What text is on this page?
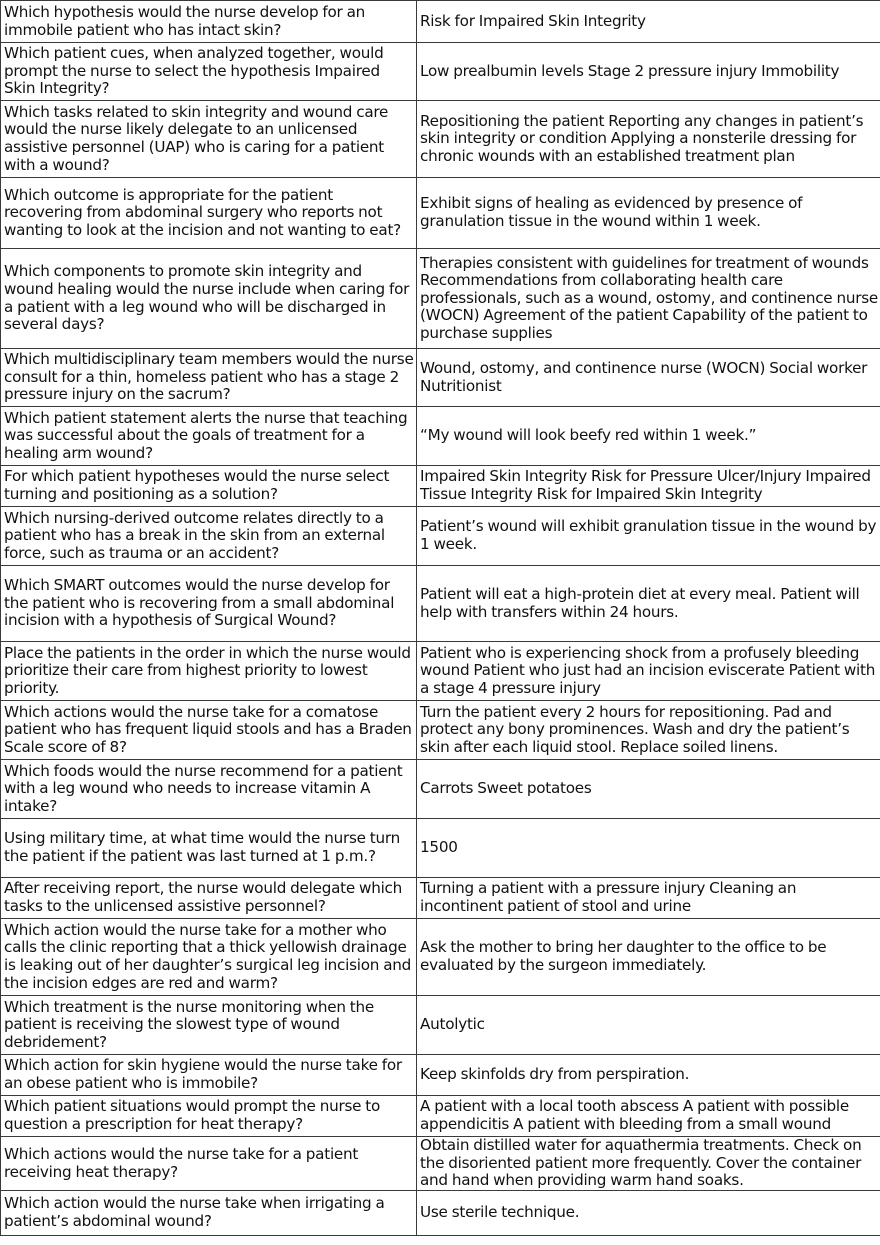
Which hypothesis would the nurse develop for an immobile patient who has intact skin?	Risk for Impaired Skin Integrity
Which patient cues, when analyzed together, would prompt the nurse to select the hypothesis Impaired Skin Integrity?	Low prealbumin levels Stage 2 pressure injury Immobility
Which tasks related to skin integrity and wound care would the nurse likely delegate to an unlicensed assistive personnel (UAP) who is caring for a patient with a wound?	Repositioning the patient Reporting any changes in patient’s skin integrity or condition Applying a nonsterile dressing for chronic wounds with an established treatment plan
Which outcome is appropriate for the patient recovering from abdominal surgery who reports not wanting to look at the incision and not wanting to eat?	Exhibit signs of healing as evidenced by presence of granulation tissue in the wound within 1 week.
Which components to promote skin integrity and wound healing would the nurse include when caring for a patient with a leg wound who will be discharged in several days?	Therapies consistent with guidelines for treatment of wounds Recommendations from collaborating health care professionals, such as a wound, ostomy, and continence nurse (WOCN) Agreement of the patient Capability of the patient to purchase supplies
Which multidisciplinary team members would the nurse consult for a thin, homeless patient who has a stage 2 pressure injury on the sacrum?	Wound, ostomy, and continence nurse (WOCN) Social worker Nutritionist
Which patient statement alerts the nurse that teaching was successful about the goals of treatment for a healing arm wound?	“My wound will look beefy red within 1 week.”
For which patient hypotheses would the nurse select turning and positioning as a solution?	Impaired Skin Integrity Risk for Pressure Ulcer/Injury Impaired Tissue Integrity Risk for Impaired Skin Integrity
Which nursing-derived outcome relates directly to a patient who has a break in the skin from an external force, such as trauma or an accident?	Patient’s wound will exhibit granulation tissue in the wound by 1 week.
Which SMART outcomes would the nurse develop for the patient who is recovering from a small abdominal incision with a hypothesis of Surgical Wound?	Patient will eat a high-protein diet at every meal. Patient will help with transfers within 24 hours.
Place the patients in the order in which the nurse would prioritize their care from highest priority to lowest priority.	Patient who is experiencing shock from a profusely bleeding wound Patient who just had an incision eviscerate Patient with a stage 4 pressure injury
Which actions would the nurse take for a comatose patient who has frequent liquid stools and has a Braden Scale score of 8?	Turn the patient every 2 hours for repositioning. Pad and protect any bony prominences. Wash and dry the patient’s skin after each liquid stool. Replace soiled linens.
Which foods would the nurse recommend for a patient with a leg wound who needs to increase vitamin A intake?	Carrots Sweet potatoes
Using military time, at what time would the nurse turn the patient if the patient was last turned at 1 p.m.?	1500
After receiving report, the nurse would delegate which tasks to the unlicensed assistive personnel?	Turning a patient with a pressure injury Cleaning an incontinent patient of stool and urine
Which action would the nurse take for a mother who calls the clinic reporting that a thick yellowish drainage is leaking out of her daughter’s surgical leg incision and the incision edges are red and warm?	Ask the mother to bring her daughter to the office to be evaluated by the surgeon immediately.
Which treatment is the nurse monitoring when the patient is receiving the slowest type of wound debridement?	Autolytic
Which action for skin hygiene would the nurse take for an obese patient who is immobile?	Keep skinfolds dry from perspiration.
Which patient situations would prompt the nurse to question a prescription for heat therapy?	A patient with a local tooth abscess A patient with possible appendicitis A patient with bleeding from a small wound
Which actions would the nurse take for a patient receiving heat therapy?	Obtain distilled water for aquathermia treatments. Check on the disoriented patient more frequently. Cover the container and hand when providing warm hand soaks.
Which action would the nurse take when irrigating a patient’s abdominal wound?	Use sterile technique.
